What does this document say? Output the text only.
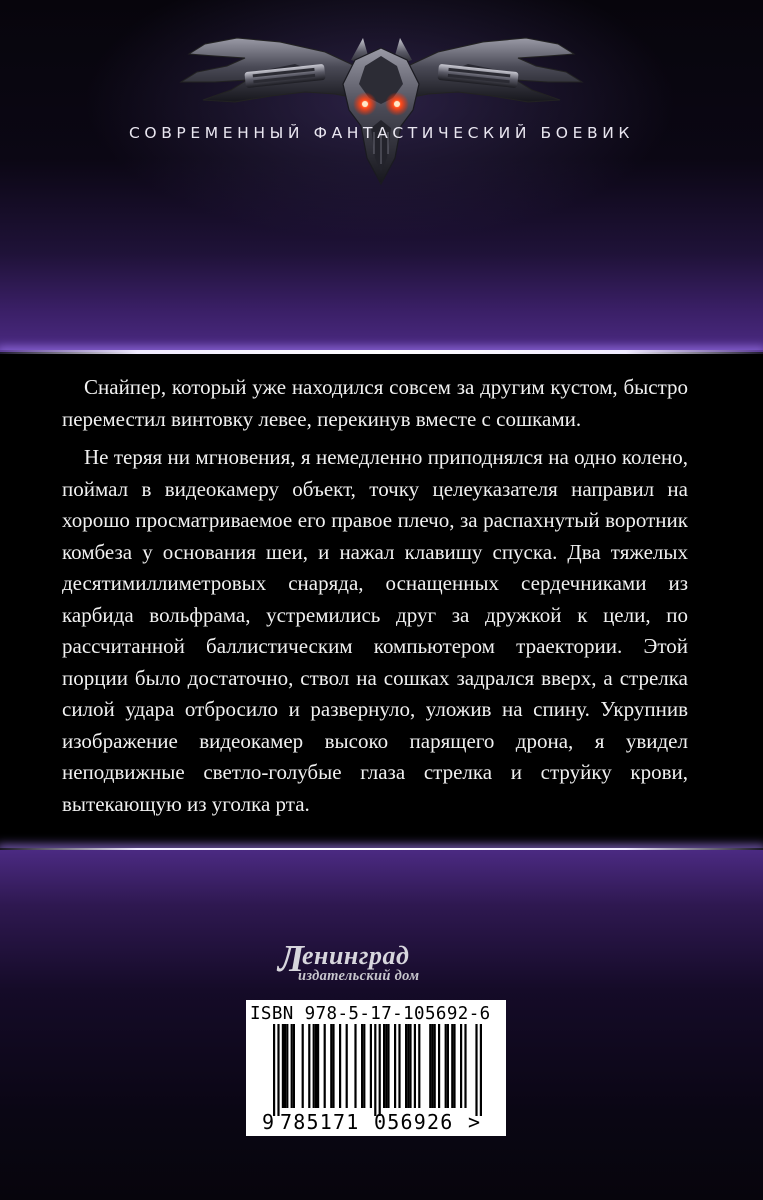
СОВРЕМЕННЫЙ ФАНТАСТИЧЕСКИЙ БОЕВИК

Снайпер, который уже находился совсем за другим кустом, быстро переместил винтовку левее, перекинув вместе с сошками.

Не теряя ни мгновения, я немедленно приподнялся на одно колено, поймал в видеокамеру объект, точку целеуказателя направил на хорошо просматриваемое его правое плечо, за распахнутый воротник комбеза у основания шеи, и нажал клавишу спуска. Два тяжелых десятимиллиметровых снаряда, оснащенных сердечниками из карбида вольфрама, устремились друг за дружкой к цели, по рассчитанной баллистическим компьютером траектории. Этой порции было достаточно, ствол на сошках задрался вверх, а стрелка силой удара отбросило и развернуло, уложив на спину. Укрупнив изображение видеокамер высоко парящего дрона, я увидел неподвижные светло-голубые глаза стрелка и струйку крови, вытекающую из уголка рта.

Л
енинград
издательский дом
ISBN 978-5-17-105692-6
9 785171 056926 >
